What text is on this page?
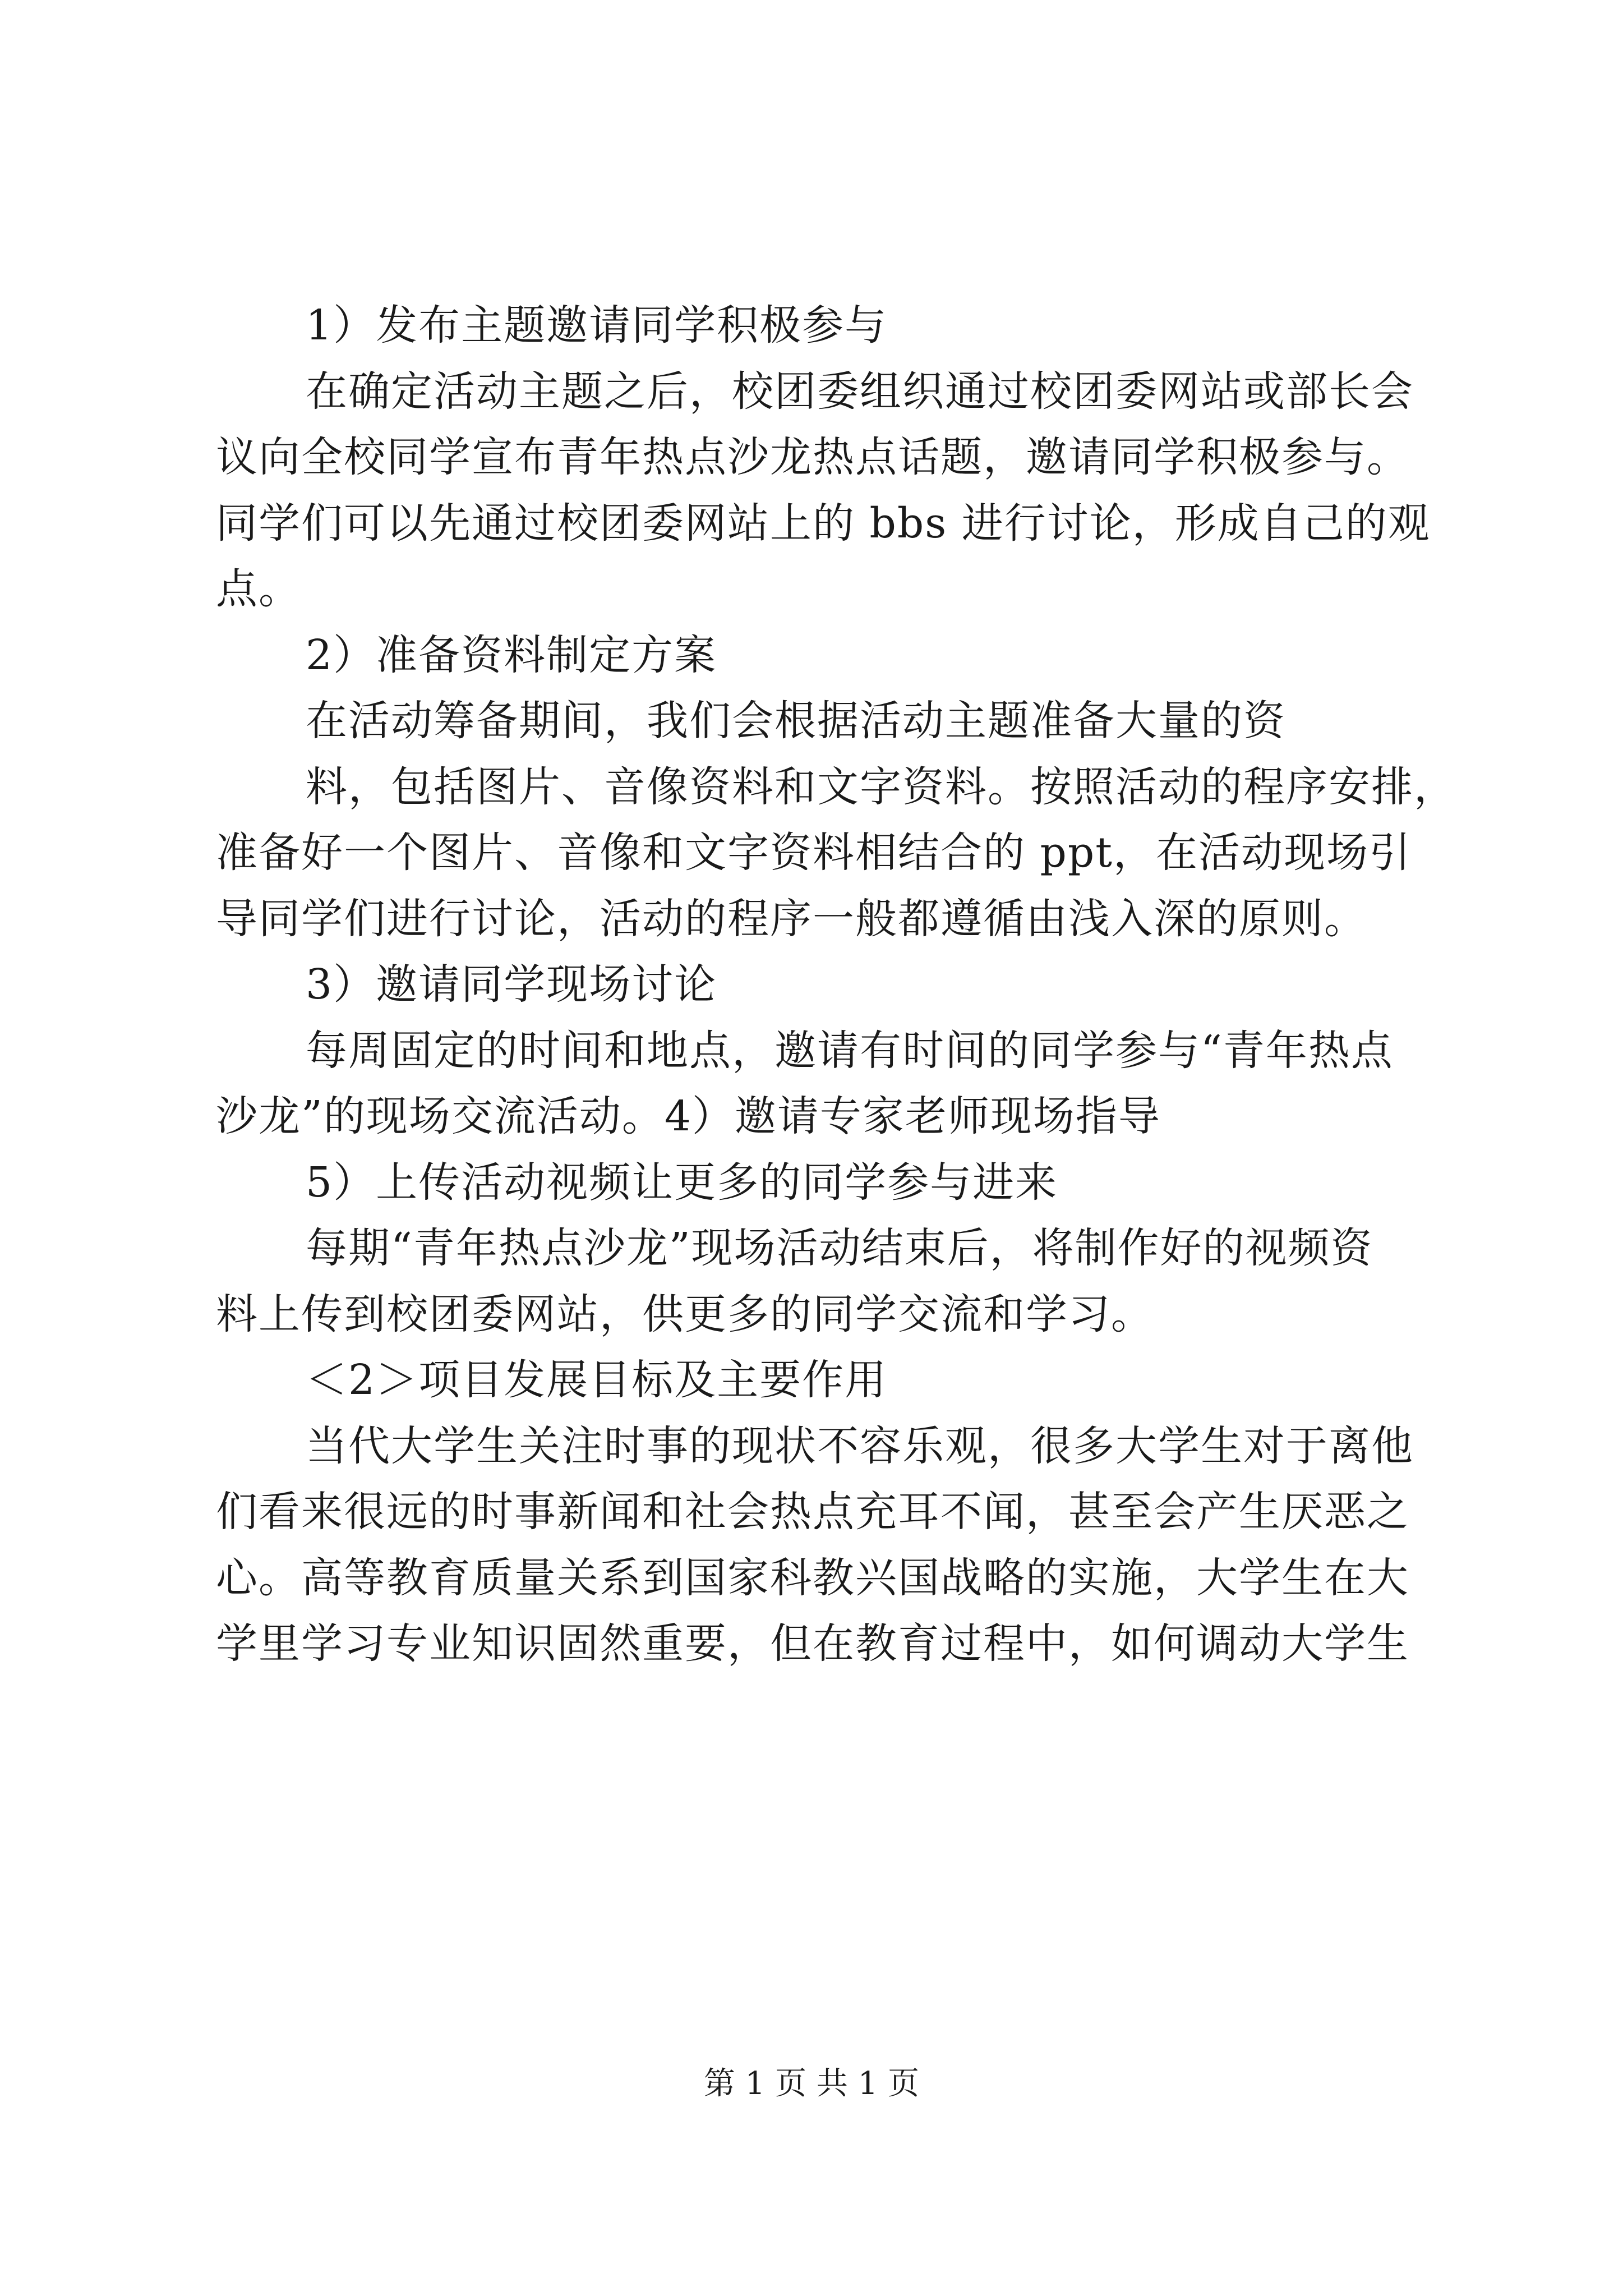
1）发布主题邀请同学积极参与
在确定活动主题之后，校团委组织通过校团委网站或部长会
议向全校同学宣布青年热点沙龙热点话题，邀请同学积极参与。
同学们可以先通过校团委网站上的 bbs 进行讨论，形成自己的观
点。
2）准备资料制定方案
在活动筹备期间，我们会根据活动主题准备大量的资
料，包括图片、音像资料和文字资料。按照活动的程序安排，
准备好一个图片、音像和文字资料相结合的 ppt，在活动现场引
导同学们进行讨论，活动的程序一般都遵循由浅入深的原则。
3）邀请同学现场讨论
每周固定的时间和地点，邀请有时间的同学参与“青年热点
沙龙”的现场交流活动。4）邀请专家老师现场指导
5）上传活动视频让更多的同学参与进来
每期“青年热点沙龙”现场活动结束后，将制作好的视频资
料上传到校团委网站，供更多的同学交流和学习。
＜2＞项目发展目标及主要作用
当代大学生关注时事的现状不容乐观，很多大学生对于离他
们看来很远的时事新闻和社会热点充耳不闻，甚至会产生厌恶之
心。高等教育质量关系到国家科教兴国战略的实施，大学生在大
学里学习专业知识固然重要，但在教育过程中，如何调动大学生
第 1 页 共 1 页
